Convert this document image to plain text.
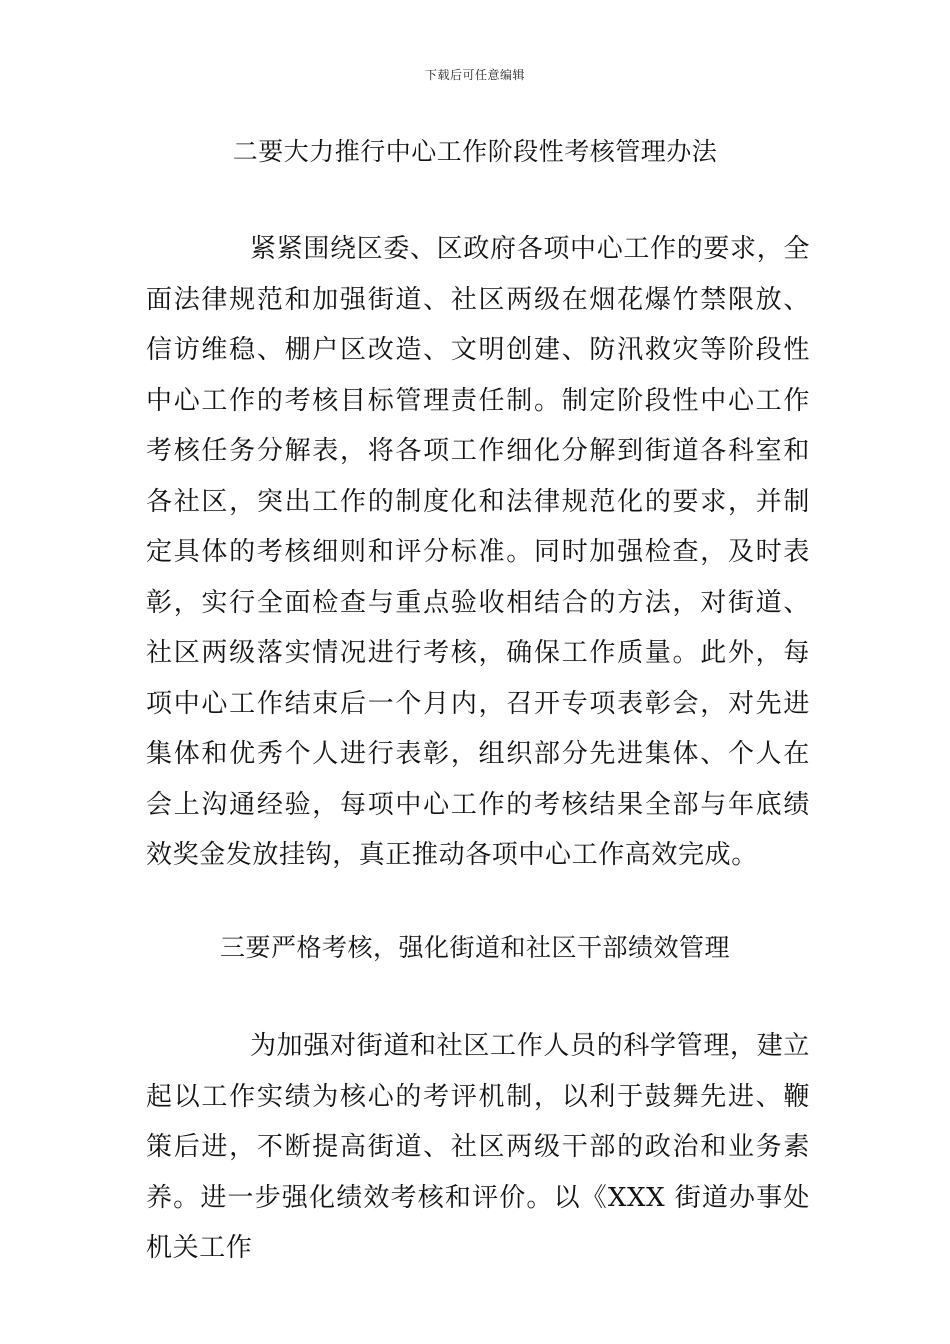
下载后可任意编辑
二要大力推行中心工作阶段性考核管理办法

紧紧围绕区委、区政府各项中心工作的要求，全面法律规范和加强街道、社区两级在烟花爆竹禁限放、信访维稳、棚户区改造、文明创建、防汛救灾等阶段性中心工作的考核目标管理责任制。制定阶段性中心工作考核任务分解表，将各项工作细化分解到街道各科室和各社区，突出工作的制度化和法律规范化的要求，并制定具体的考核细则和评分标准。同时加强检查，及时表彰，实行全面检查与重点验收相结合的方法，对街道、社区两级落实情况进行考核，确保工作质量。此外，每项中心工作结束后一个月内，召开专项表彰会，对先进集体和优秀个人进行表彰，组织部分先进集体、个人在会上沟通经验，每项中心工作的考核结果全部与年底绩效奖金发放挂钩，真正推动各项中心工作高效完成。

三要严格考核，强化街道和社区干部绩效管理

为加强对街道和社区工作人员的科学管理，建立起以工作实绩为核心的考评机制，以利于鼓舞先进、鞭策后进，不断提高街道、社区两级干部的政治和业务素养。进一步强化绩效考核和评价。以《XXX 街道办事处机关工作
